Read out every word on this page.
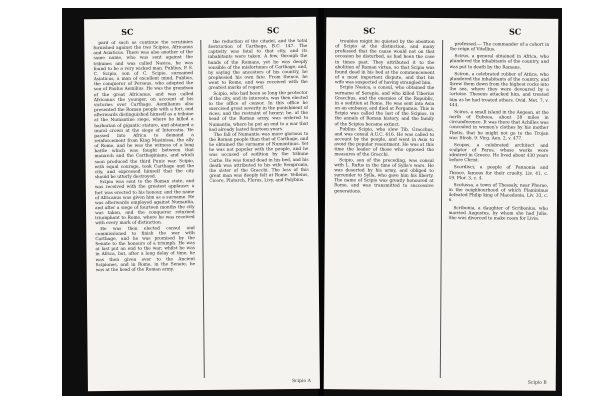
SC	SC

pard of such as continue the scrutinies furnished against the two Scipios, Africanus and Asiaticus. There was also another of the same name, who was sent against the tribunes and was called Nasica, he was found to be a very wicked man. Publius, P. S. C. Scipio, son of C. Scipio, surnamed Asiaticus, a man of excellent mind, Publius, the conqueror of Perseus, who adopted the son of Paulus Aemilius. He was the grandson of the great Africanus, and was called Africanus the younger, on account of his victories over Carthage. Aemilianus also presented the Roman people with a fort, and afterwards distinguished himself as a tribune at the Numantine siege, where he killed a barbarian of gigantic stature, and obtained a mural crown at the siege of Intercatia. He passed into Africa to demand a reinforcement from King Masinissa, the ally of Rome, and he was the witness of a long battle which was fought between that monarch and the Carthaginians, and which soon produced the third Punic war. Scipio, with equal courage, took Carthage and the city, and expressed himself that the city should be utterly destroyed.

Scipio was sent to the Roman state, and was received with the greatest applause; a fort was erected to his honour, and the name of Africanus was given him as a surname. He was afterwards employed against Numantia, and after a siege of fourteen months the city was taken, and the conqueror returned triumphant to Rome, where he was received with every mark of distinction.

He was then elected consul and commissioned to finish the war with Carthage, and he was promised by the Senate to the honours of a triumph. He was at last put an end to the war; whilst he was in Africa, but, after a long delay of time, he was then given over to the Ancient Scipiones, and in Rome, in the Senate, he was at the head of the Roman army.

the reduction of the citadel, and the total destruction of Carthage, B.C. 147. The captivity was fatal to that city, and its inhabitants were taken. A few, through the hands of the Romans, yet he was deeply sensible of the misfortunes of Carthage, and, by saying the ancestors of his country, he prophesied his own fate. From thence, he went to Rome, and was received with the greatest marks of regard.

Scipio, who had been so long the protector of the city, and its interests, was then elected to the office of censor. In this office he exercised great severity in the punishment of vices, and the restraint of luxury; he, at the head of the Roman army, was ordered to Numantia, where he put an end to a war that had already lasted fourteen years.

The fall of Numantia was more glorious to the Roman people than that of Carthage, and he obtained the surname of Numantinus. Yet he was not popular with the people, and he was accused of sedition by the tribune Carbo. He was found dead in his bed, and his death was attributed to his wife Sempronia, the sister of the Gracchi. The loss of this great man was deeply felt at Rome. Velleius, Cicero, Plutarch, Florus, Livy, and Polybius.

Scipio A
SC	SC

troubles might be quieted by the abolition of Scipio at the distinction, and many professed that the cause would not on that occasion be disturbed, as had been the case in times past. They attributed it to the abolition of Roman virtue, so that Scipio was found dead in his bed at the commencement of a most important dispute, and that his wife was suspected of having strangled him.

Scipio Nasica, a consul, who obtained the surname of Serapio, and who killed Tiberius Gracchus, and the enemies of the Republic, in a sedition at Rome. He was sent into Asia on an embassy, and died at Pergamus. This is Scipio was called the last of the Scipios, in the annals of Roman history, and the family of the Scipios became extinct.

Publius Scipio, who slew Tib. Gracchus, and was consul A.U.C. 616. He was called to account by the people, and went in Asia to avoid the popular resentment. He was at this time the leader of those who opposed the measures of the Gracchi.

Scipio, son of the preceding, was consul with L. Rufus in the time of Sylla's wars. He was deserted by his army, and obliged to surrender to Sylla, who gave him his liberty. The name of Scipio was greatly honoured at Rome, and was transmitted to successive generations.

professed.— The commander of a cohort in the reign of Vitellius.

Scirus, a general obtained in Africa, who plundered the inhabitants of the country, and was put to death by the Romans.

Sciron, a celebrated robber of Attica, who plundered the inhabitants of the country, and threw them down from the highest rocks into the sea, where they were devoured by a tortoise. Theseus attacked him, and treated him as he had treated others. Ovid. Met. 7, v. 444.

Sciros, a small island in the Aegean, at the north of Euboea, about 28 miles in circumference. It was there that Achilles was concealed in women's clothes by his mother Thetis, that he might not go to the Trojan war. Strab. 9. Virg. Aen. 2, v. 477.

Scopas, a celebrated architect and sculptor of Paros, whose works were admired in Greece. He lived about 430 years before Christ.

Scordisci, a people of Pannonia and Thrace, famous for their cruelty. Liv. 41, c. 19. Flor. 3, c. 4.

Scotussa, a town of Thessaly, near Pherae, in the neighbourhood of which Flamininus defeated Philip king of Macedonia. Liv. 33, c. 6.

Scribonia, a daughter of Scribonius, who married Augustus, by whom she had Julia. She was divorced to make room for Livia.

Scipio B
